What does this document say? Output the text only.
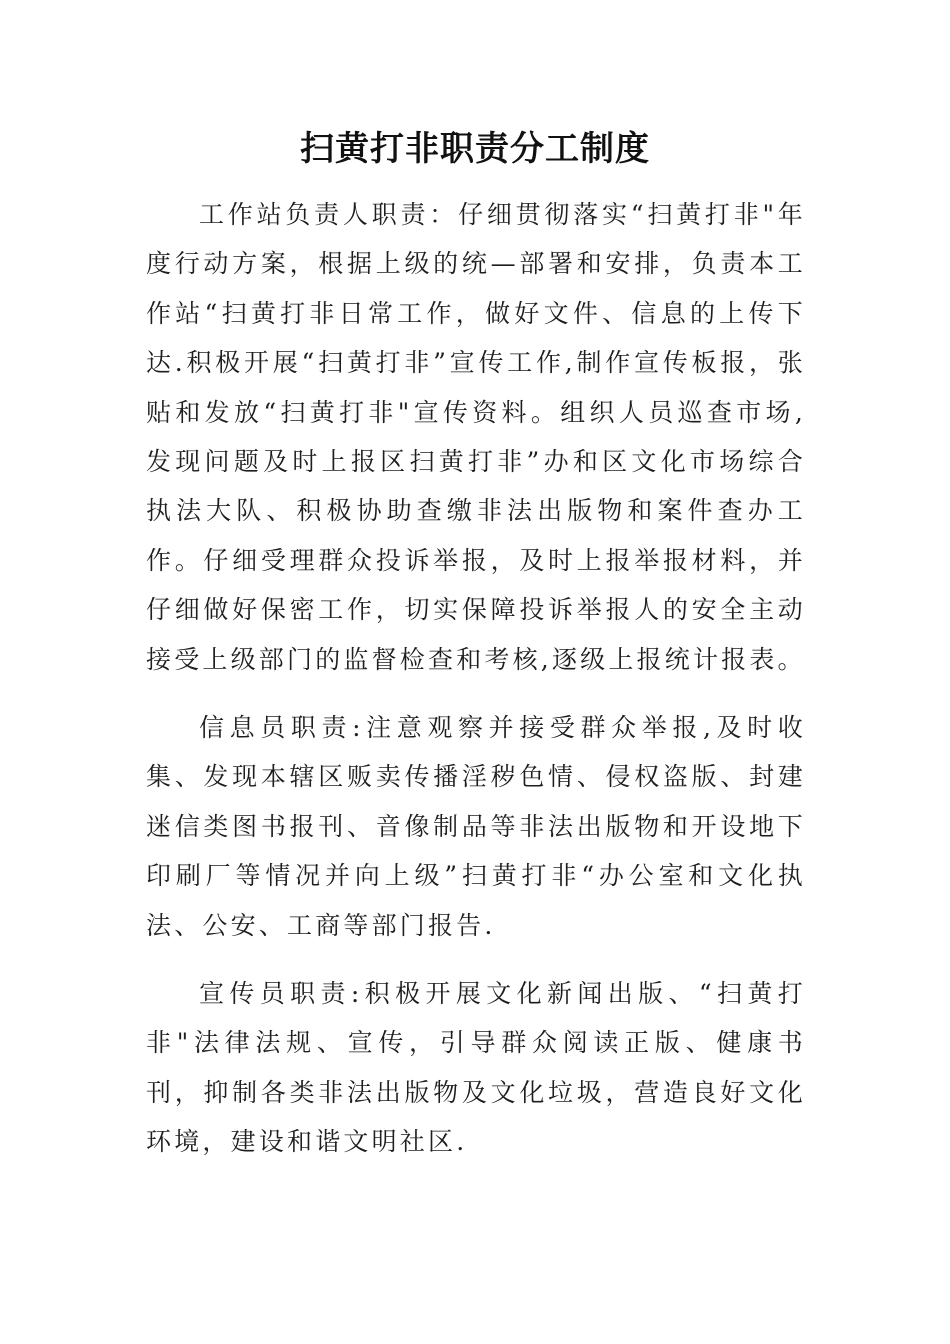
扫黄打非职责分工制度

工作站负责人职责：仔细贯彻落实“扫黄打非"年度行动方案，根据上级的统—部署和安排，负责本工作站“扫黄打非日常工作，做好文件、信息的上传下达.积极开展“扫黄打非”宣传工作,制作宣传板报，张贴和发放“扫黄打非"宣传资料。组织人员巡查市场,发现问题及时上报区扫黄打非”办和区文化市场综合执法大队、积极协助查缴非法出版物和案件查办工作。仔细受理群众投诉举报，及时上报举报材料，并仔细做好保密工作，切实保障投诉举报人的安全主动接受上级部门的监督检查和考核,逐级上报统计报表。

信息员职责:注意观察并接受群众举报,及时收集、发现本辖区贩卖传播淫秽色情、侵权盗版、封建迷信类图书报刊、音像制品等非法出版物和开设地下印刷厂等情况并向上级”扫黄打非“办公室和文化执法、公安、工商等部门报告.

宣传员职责:积极开展文化新闻出版、“扫黄打非"法律法规、宣传，引导群众阅读正版、健康书刊，抑制各类非法出版物及文化垃圾，营造良好文化环境，建设和谐文明社区.
